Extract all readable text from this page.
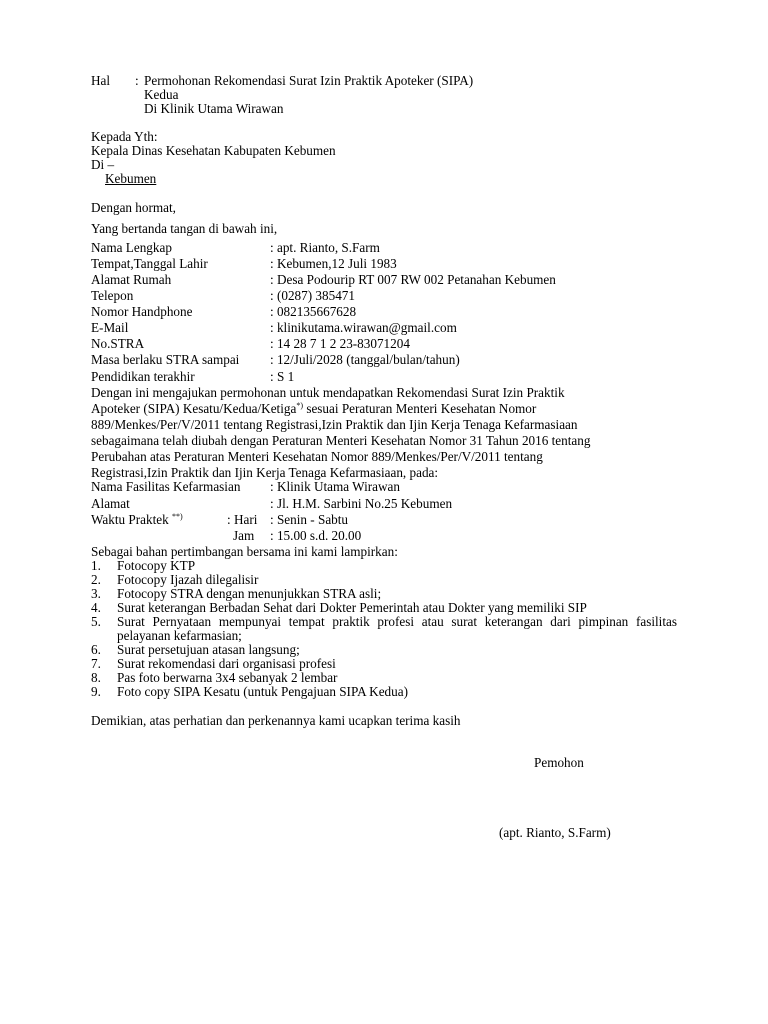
Hal : Permohonan Rekomendasi Surat Izin Praktik Apoteker (SIPA)
Kedua
Di Klinik Utama Wirawan
Kepada Yth:
Kepala Dinas Kesehatan Kabupaten Kebumen
Di –
Kebumen
Dengan hormat,
Yang bertanda tangan di bawah ini,
Nama Lengkap	: apt. Rianto, S.Farm
Tempat,Tanggal Lahir	: Kebumen,12 Juli 1983
Alamat Rumah	: Desa Podourip RT 007 RW 002 Petanahan Kebumen
Telepon	: (0287) 385471
Nomor Handphone	: 082135667628
E-Mail	: klinikutama.wirawan@gmail.com
No.STRA	: 14 28 7 1 2 23-83071204
Masa berlaku STRA sampai : 12/Juli/2028 (tanggal/bulan/tahun)
Pendidikan terakhir	: S 1
Dengan ini mengajukan permohonan untuk mendapatkan Rekomendasi Surat Izin Praktik
Apoteker (SIPA) Kesatu/Kedua/Ketiga*) sesuai Peraturan Menteri Kesehatan Nomor
889/Menkes/Per/V/2011 tentang Registrasi,Izin Praktik dan Ijin Kerja Tenaga Kefarmasiaan
sebagaimana telah diubah dengan Peraturan Menteri Kesehatan Nomor 31 Tahun 2016 tentang
Perubahan atas Peraturan Menteri Kesehatan Nomor 889/Menkes/Per/V/2011 tentang
Registrasi,Izin Praktik dan Ijin Kerja Tenaga Kefarmasiaan, pada:
Nama Fasilitas Kefarmasian : Klinik Utama Wirawan
Alamat	: Jl. H.M. Sarbini No.25 Kebumen
Waktu Praktek **)	: Hari : Senin - Sabtu
Jam : 15.00 s.d. 20.00
Sebagai bahan pertimbangan bersama ini kami lampirkan:
1. Fotocopy KTP
2. Fotocopy Ijazah dilegalisir
3. Fotocopy STRA dengan menunjukkan STRA asli;
4. Surat keterangan Berbadan Sehat dari Dokter Pemerintah atau Dokter yang memiliki SIP
5. Surat Pernyataan mempunyai tempat praktik profesi atau surat keterangan dari pimpinan fasilitas pelayanan kefarmasian;
6. Surat persetujuan atasan langsung;
7. Surat rekomendasi dari organisasi profesi
8. Pas foto berwarna 3x4 sebanyak 2 lembar
9. Foto copy SIPA Kesatu (untuk Pengajuan SIPA Kedua)
Demikian, atas perhatian dan perkenannya kami ucapkan terima kasih
Pemohon
(apt. Rianto, S.Farm)
